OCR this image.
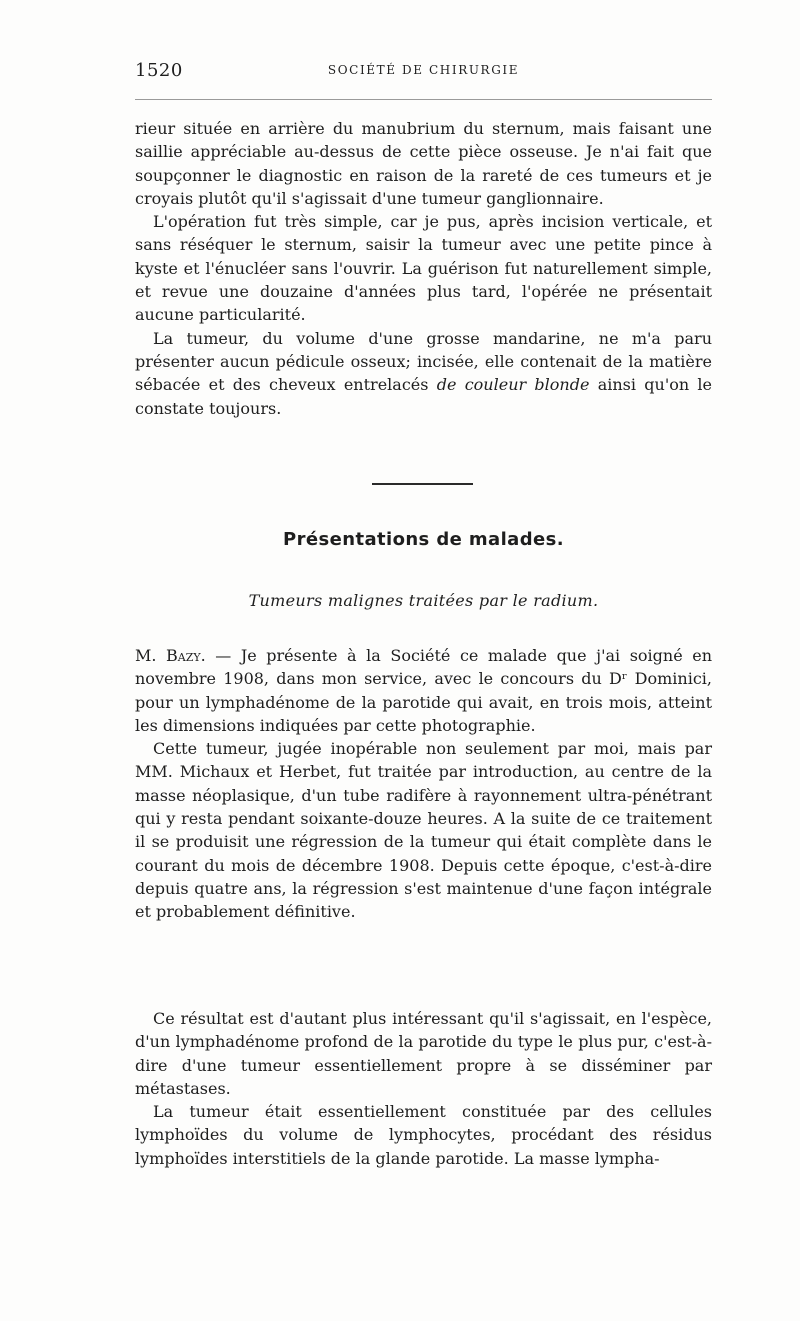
1520	SOCIÉTÉ DE CHIRURGIE

rieur située en arrière du manubrium du sternum, mais faisant une saillie appréciable au-dessus de cette pièce osseuse. Je n'ai fait que soupçonner le diagnostic en raison de la rareté de ces tumeurs et je croyais plutôt qu'il s'agissait d'une tumeur ganglionnaire.

L'opération fut très simple, car je pus, après incision verticale, et sans réséquer le sternum, saisir la tumeur avec une petite pince à kyste et l'énucléer sans l'ouvrir. La guérison fut naturellement simple, et revue une douzaine d'années plus tard, l'opérée ne présentait aucune particularité.

La tumeur, du volume d'une grosse mandarine, ne m'a paru présenter aucun pédicule osseux; incisée, elle contenait de la matière sébacée et des cheveux entrelacés de couleur blonde ainsi qu'on le constate toujours.

Présentations de malades.
Tumeurs malignes traitées par le radium.

M. Bazy. — Je présente à la Société ce malade que j'ai soigné en novembre 1908, dans mon service, avec le concours du Dʳ Dominici, pour un lymphadénome de la parotide qui avait, en trois mois, atteint les dimensions indiquées par cette photographie.

Cette tumeur, jugée inopérable non seulement par moi, mais par MM. Michaux et Herbet, fut traitée par introduction, au centre de la masse néoplasique, d'un tube radifère à rayonnement ultra-pénétrant qui y resta pendant soixante-douze heures. A la suite de ce traitement il se produisit une régression de la tumeur qui était complète dans le courant du mois de décembre 1908. Depuis cette époque, c'est-à-dire depuis quatre ans, la régression s'est maintenue d'une façon intégrale et probablement définitive.

Ce résultat est d'autant plus intéressant qu'il s'agissait, en l'espèce, d'un lymphadénome profond de la parotide du type le plus pur, c'est-à-dire d'une tumeur essentiellement propre à se disséminer par métastases.

La tumeur était essentiellement constituée par des cellules lymphoïdes du volume de lymphocytes, procédant des résidus lymphoïdes interstitiels de la glande parotide. La masse lympha-
